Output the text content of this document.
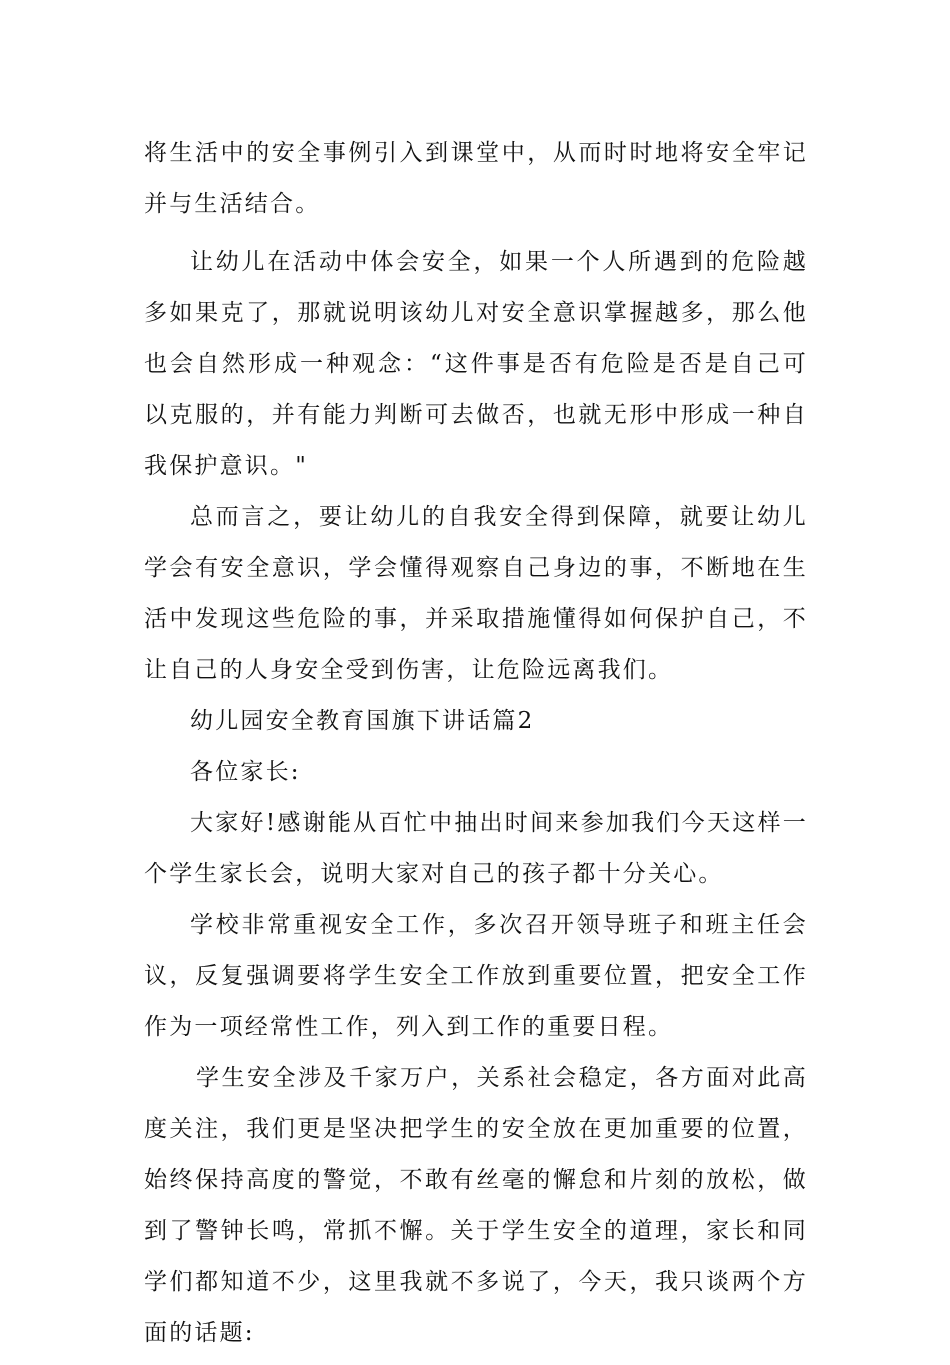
将生活中的安全事例引入到课堂中，从而时时地将安全牢记并与生活结合。

让幼儿在活动中体会安全，如果一个人所遇到的危险越多如果克了，那就说明该幼儿对安全意识掌握越多，那么他也会自然形成一种观念：“这件事是否有危险是否是自己可以克服的，并有能力判断可去做否，也就无形中形成一种自我保护意识。"

总而言之，要让幼儿的自我安全得到保障，就要让幼儿学会有安全意识，学会懂得观察自己身边的事，不断地在生活中发现这些危险的事，并采取措施懂得如何保护自己，不让自己的人身安全受到伤害，让危险远离我们。

幼儿园安全教育国旗下讲话篇2

各位家长:

大家好!感谢能从百忙中抽出时间来参加我们今天这样一个学生家长会，说明大家对自己的孩子都十分关心。

学校非常重视安全工作，多次召开领导班子和班主任会议，反复强调要将学生安全工作放到重要位置，把安全工作作为一项经常性工作，列入到工作的重要日程。

学生安全涉及千家万户，关系社会稳定，各方面对此高度关注，我们更是坚决把学生的安全放在更加重要的位置，始终保持高度的警觉，不敢有丝毫的懈怠和片刻的放松，做到了警钟长鸣，常抓不懈。关于学生安全的道理，家长和同学们都知道不少，这里我就不多说了，今天，我只谈两个方面的话题:
